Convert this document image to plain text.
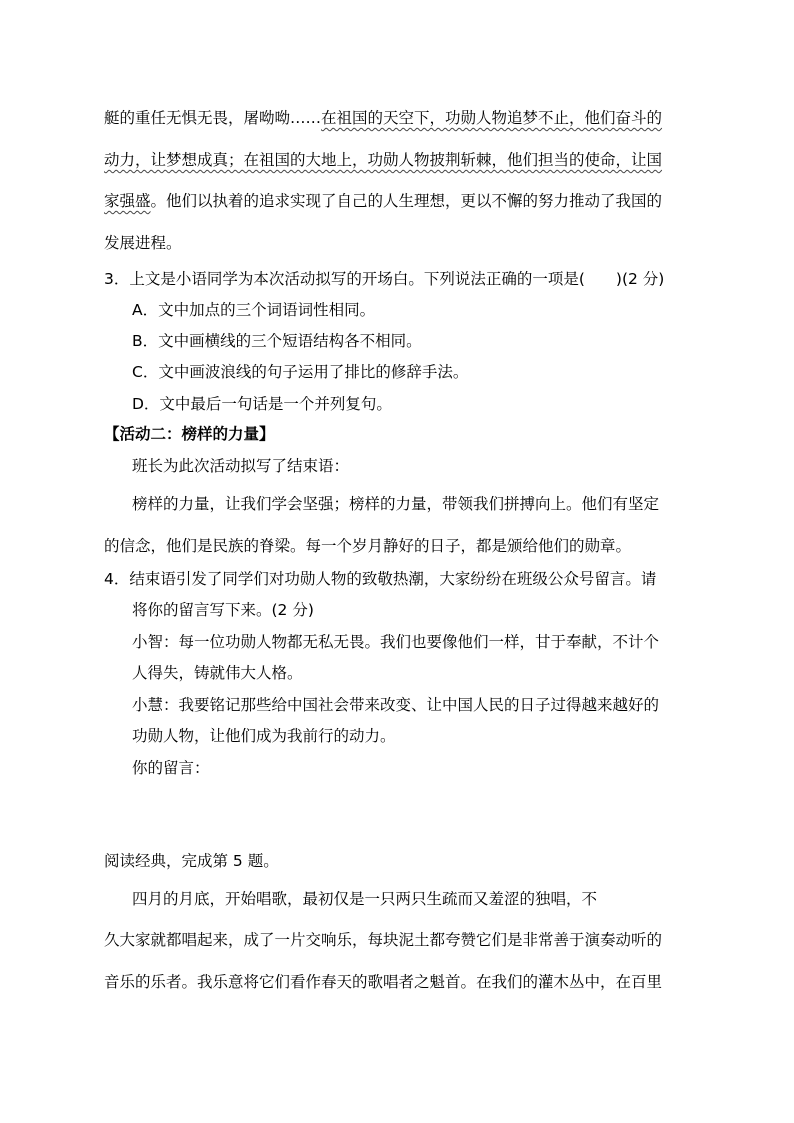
艇的重任无惧无畏，屠呦呦……在祖国的天空下，功勋人物追梦不止，他们奋斗的
动力，让梦想成真；在祖国的大地上，功勋人物披荆斩棘，他们担当的使命，让国
家强盛。他们以执着的追求实现了自己的人生理想，更以不懈的努力推动了我国的
发展进程。
3．上文是小语同学为本次活动拟写的开场白。下列说法正确的一项是(　　)(2 分)
A．文中加点的三个词语词性相同。
B．文中画横线的三个短语结构各不相同。
C．文中画波浪线的句子运用了排比的修辞手法。
D．文中最后一句话是一个并列复句。
【活动二：榜样的力量】
班长为此次活动拟写了结束语：
榜样的力量，让我们学会坚强；榜样的力量，带领我们拼搏向上。他们有坚定
的信念，他们是民族的脊梁。每一个岁月静好的日子，都是颁给他们的勋章。
4．结束语引发了同学们对功勋人物的致敬热潮，大家纷纷在班级公众号留言。请
将你的留言写下来。(2 分)
小智：每一位功勋人物都无私无畏。我们也要像他们一样，甘于奉献，不计个
人得失，铸就伟大人格。
小慧：我要铭记那些给中国社会带来改变、让中国人民的日子过得越来越好的
功勋人物，让他们成为我前行的动力。
你的留言：
阅读经典，完成第 5 题。
四月的月底，开始唱歌，最初仅是一只两只生疏而又羞涩的独唱，不
久大家就都唱起来，成了一片交响乐，每块泥土都夸赞它们是非常善于演奏动听的
音乐的乐者。我乐意将它们看作春天的歌唱者之魁首。在我们的灌木丛中，在百里
